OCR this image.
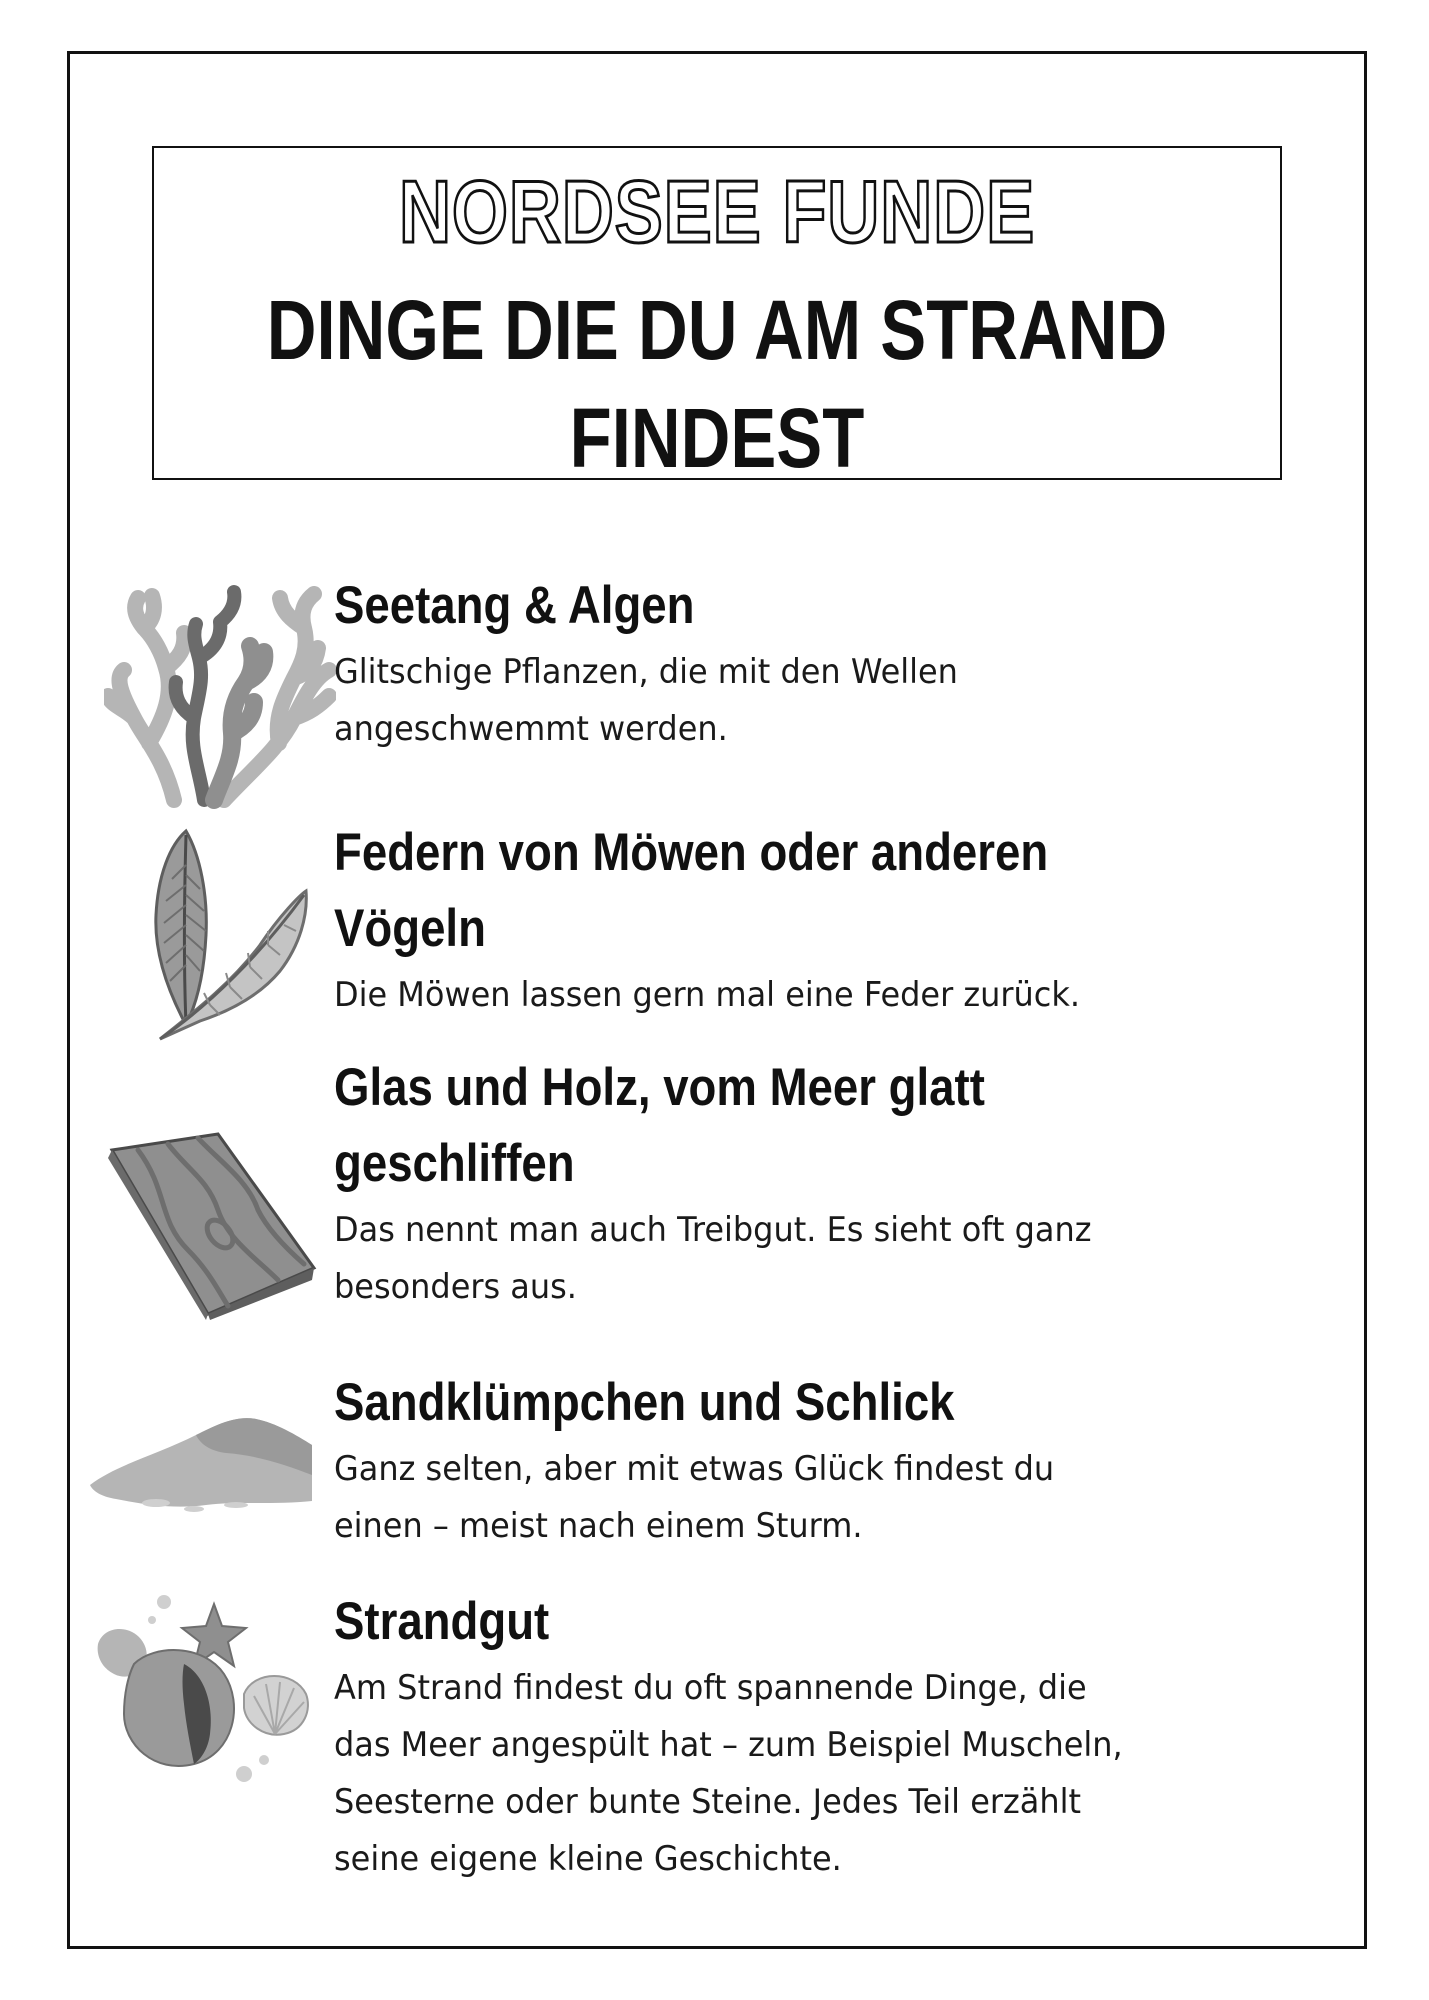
NORDSEE FUNDE
DINGE DIE DU AM STRAND
FINDEST
Seetang & Algen
Glitschige Pflanzen, die mit den Wellen
angeschwemmt werden.
Federn von Möwen oder anderen
Vögeln
Die Möwen lassen gern mal eine Feder zurück.
Glas und Holz, vom Meer glatt
geschliffen
Das nennt man auch Treibgut. Es sieht oft ganz
besonders aus.
Sandklümpchen und Schlick
Ganz selten, aber mit etwas Glück findest du
einen – meist nach einem Sturm.
Strandgut
Am Strand findest du oft spannende Dinge, die
das Meer angespült hat – zum Beispiel Muscheln,
Seesterne oder bunte Steine. Jedes Teil erzählt
seine eigene kleine Geschichte.
